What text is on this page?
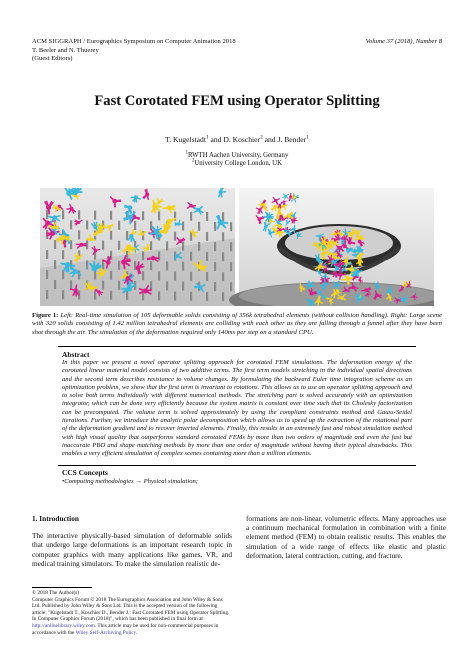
ACM SIGGRAPH / Eurographics Symposium on Computer Animation 2018
T. Beeler and N. Thuerey
(Guest Editors)
Volume 37 (2018), Number 8
Fast Corotated FEM using Operator Splitting
T. Kugelstadt$^1$ and D. Koschier$^2$ and J. Bender$^1$
$^1$RWTH Aachen University, Germany
$^2$University College London, UK
Figure 1: Left: Real-time simulation of 105 deformable solids consisting of 356k tetrahedral elements (without collision handling). Right: Large scene with 320 solids consisting of 1.42 million tetrahedral elements are colliding with each other as they are falling through a funnel after they have been shot through the air. The simulation of the deformation required only 140ms per step on a standard CPU.
Abstract
In this paper we present a novel operator splitting approach for corotated FEM simulations. The deformation energy of the corotated linear material model consists of two additive terms. The first term models stretching in the individual spatial directions and the second term describes resistance to volume changes. By formulating the backward Euler time integration scheme as an optimization problem, we show that the first term is invariant to rotations. This allows us to use an operator splitting approach and to solve both terms individually with different numerical methods. The stretching part is solved accurately with an optimization integrator, which can be done very efficiently because the system matrix is constant over time such that its Cholesky factorization can be precomputed. The volume term is solved approximately by using the compliant constraints method and Gauss-Seidel iterations. Further, we introduce the analytic polar decomposition which allows us to speed up the extraction of the rotational part of the deformation gradient and to recover inverted elements. Finally, this results in an extremely fast and robust simulation method with high visual quality that outperforms standard corotated FEMs by more than two orders of magnitude and even the fast but inaccurate PBD and shape matching methods by more than one order of magnitude without having their typical drawbacks. This enables a very efficient simulation of complex scenes containing more than a million elements.
CCS Concepts
•Computing methodologies → Physical simulation;
1. Introduction
The interactive physically-based simulation of deformable solids that undergo large deformations is an important research topic in computer graphics with many applications like games, VR, and medical training simulators. To make the simulation realistic de-
formations are non-linear, volumetric effects. Many approaches use a continuum mechanical formulation in combination with a finite element method (FEM) to obtain realistic results. This enables the simulation of a wide range of effects like elastic and plastic deformation, lateral contraction, cutting, and fracture.
© 2018 The Author(s)
Computer Graphics Forum © 2018 The Eurographics Association and John Wiley & Sons Ltd. Published by John Wiley & Sons Ltd. This is the accepted version of the following article: "Kugelstadt T., Koschier D., Bender J.: Fast Corotated FEM using Operator Splitting. In Computer Graphics Forum (2018)", which has been published in final form at http://onlinelibrary.wiley.com. This article may be used for non-commercial purposes in accordance with the Wiley Self-Archiving Policy.
